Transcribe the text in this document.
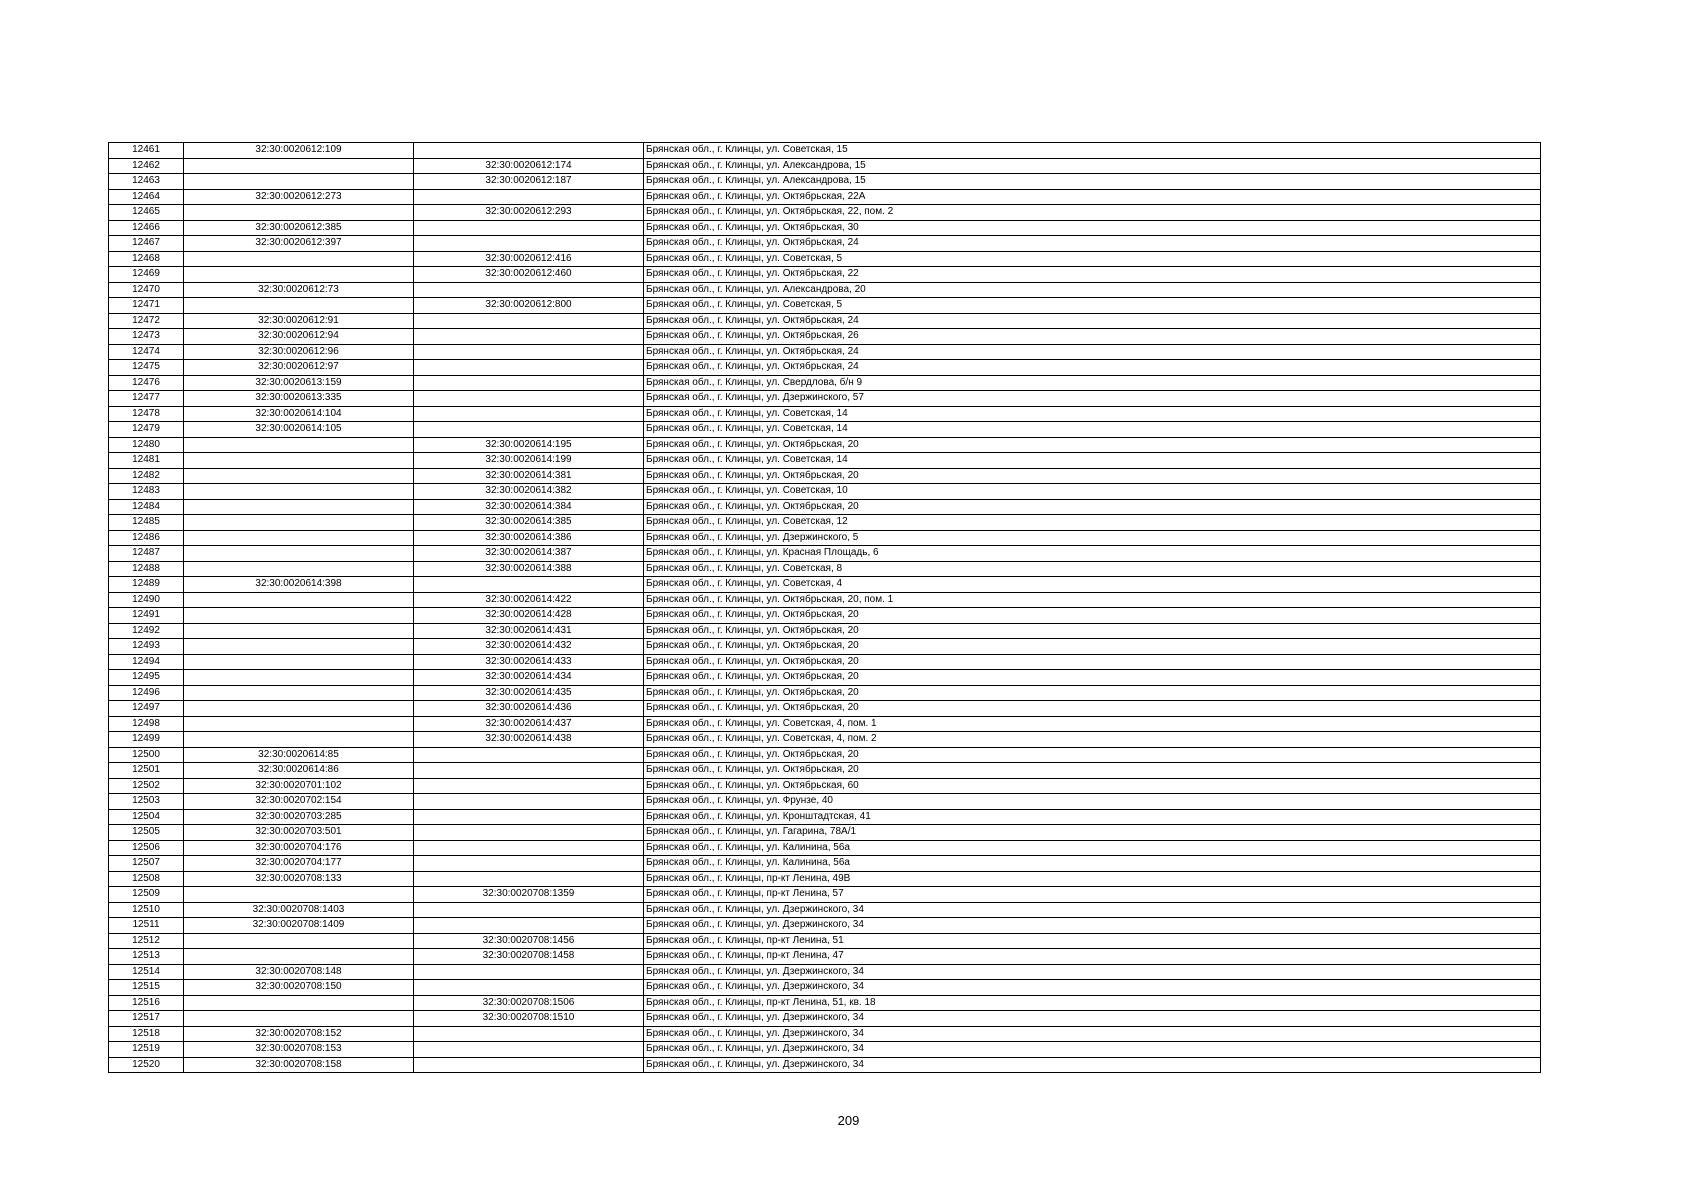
12461	32:30:0020612:109		Брянская обл., г. Клинцы, ул. Советская, 15
12462		32:30:0020612:174	Брянская обл., г. Клинцы, ул. Александрова, 15
12463		32:30:0020612:187	Брянская обл., г. Клинцы, ул. Александрова, 15
12464	32:30:0020612:273		Брянская обл., г. Клинцы, ул. Октябрьская, 22А
12465		32:30:0020612:293	Брянская обл., г. Клинцы, ул. Октябрьская, 22, пом. 2
12466	32:30:0020612:385		Брянская обл., г. Клинцы, ул. Октябрьская, 30
12467	32:30:0020612:397		Брянская обл., г. Клинцы, ул. Октябрьская, 24
12468		32:30:0020612:416	Брянская обл., г. Клинцы, ул. Советская, 5
12469		32:30:0020612:460	Брянская обл., г. Клинцы, ул. Октябрьская, 22
12470	32:30:0020612:73		Брянская обл., г. Клинцы, ул. Александрова, 20
12471		32:30:0020612:800	Брянская обл., г. Клинцы, ул. Советская, 5
12472	32:30:0020612:91		Брянская обл., г. Клинцы, ул. Октябрьская, 24
12473	32:30:0020612:94		Брянская обл., г. Клинцы, ул. Октябрьская, 26
12474	32:30:0020612:96		Брянская обл., г. Клинцы, ул. Октябрьская, 24
12475	32:30:0020612:97		Брянская обл., г. Клинцы, ул. Октябрьская, 24
12476	32:30:0020613:159		Брянская обл., г. Клинцы, ул. Свердлова, б/н 9
12477	32:30:0020613:335		Брянская обл., г. Клинцы, ул. Дзержинского, 57
12478	32:30:0020614:104		Брянская обл., г. Клинцы, ул. Советская, 14
12479	32:30:0020614:105		Брянская обл., г. Клинцы, ул. Советская, 14
12480		32:30:0020614:195	Брянская обл., г. Клинцы, ул. Октябрьская, 20
12481		32:30:0020614:199	Брянская обл., г. Клинцы, ул. Советская, 14
12482		32:30:0020614:381	Брянская обл., г. Клинцы, ул. Октябрьская, 20
12483		32:30:0020614:382	Брянская обл., г. Клинцы, ул. Советская, 10
12484		32:30:0020614:384	Брянская обл., г. Клинцы, ул. Октябрьская, 20
12485		32:30:0020614:385	Брянская обл., г. Клинцы, ул. Советская, 12
12486		32:30:0020614:386	Брянская обл., г. Клинцы, ул. Дзержинского, 5
12487		32:30:0020614:387	Брянская обл., г. Клинцы, ул. Красная Площадь, 6
12488		32:30:0020614:388	Брянская обл., г. Клинцы, ул. Советская, 8
12489	32:30:0020614:398		Брянская обл., г. Клинцы, ул. Советская, 4
12490		32:30:0020614:422	Брянская обл., г. Клинцы, ул. Октябрьская, 20, пом. 1
12491		32:30:0020614:428	Брянская обл., г. Клинцы, ул. Октябрьская, 20
12492		32:30:0020614:431	Брянская обл., г. Клинцы, ул. Октябрьская, 20
12493		32:30:0020614:432	Брянская обл., г. Клинцы, ул. Октябрьская, 20
12494		32:30:0020614:433	Брянская обл., г. Клинцы, ул. Октябрьская, 20
12495		32:30:0020614:434	Брянская обл., г. Клинцы, ул. Октябрьская, 20
12496		32:30:0020614:435	Брянская обл., г. Клинцы, ул. Октябрьская, 20
12497		32:30:0020614:436	Брянская обл., г. Клинцы, ул. Октябрьская, 20
12498		32:30:0020614:437	Брянская обл., г. Клинцы, ул. Советская, 4, пом. 1
12499		32:30:0020614:438	Брянская обл., г. Клинцы, ул. Советская, 4, пом. 2
12500	32:30:0020614:85		Брянская обл., г. Клинцы, ул. Октябрьская, 20
12501	32:30:0020614:86		Брянская обл., г. Клинцы, ул. Октябрьская, 20
12502	32:30:0020701:102		Брянская обл., г. Клинцы, ул. Октябрьская, 60
12503	32:30:0020702:154		Брянская обл., г. Клинцы, ул. Фрунзе, 40
12504	32:30:0020703:285		Брянская обл., г. Клинцы, ул. Кронштадтская, 41
12505	32:30:0020703:501		Брянская обл., г. Клинцы, ул. Гагарина, 78А/1
12506	32:30:0020704:176		Брянская обл., г. Клинцы, ул. Калинина, 56а
12507	32:30:0020704:177		Брянская обл., г. Клинцы, ул. Калинина, 56а
12508	32:30:0020708:133		Брянская обл., г. Клинцы, пр-кт Ленина, 49В
12509		32:30:0020708:1359	Брянская обл., г. Клинцы, пр-кт Ленина, 57
12510	32:30:0020708:1403		Брянская обл., г. Клинцы, ул. Дзержинского, 34
12511	32:30:0020708:1409		Брянская обл., г. Клинцы, ул. Дзержинского, 34
12512		32:30:0020708:1456	Брянская обл., г. Клинцы, пр-кт Ленина, 51
12513		32:30:0020708:1458	Брянская обл., г. Клинцы, пр-кт Ленина, 47
12514	32:30:0020708:148		Брянская обл., г. Клинцы, ул. Дзержинского, 34
12515	32:30:0020708:150		Брянская обл., г. Клинцы, ул. Дзержинского, 34
12516		32:30:0020708:1506	Брянская обл., г. Клинцы, пр-кт Ленина, 51, кв. 18
12517		32:30:0020708:1510	Брянская обл., г. Клинцы, ул. Дзержинского, 34
12518	32:30:0020708:152		Брянская обл., г. Клинцы, ул. Дзержинского, 34
12519	32:30:0020708:153		Брянская обл., г. Клинцы, ул. Дзержинского, 34
12520	32:30:0020708:158		Брянская обл., г. Клинцы, ул. Дзержинского, 34
209
